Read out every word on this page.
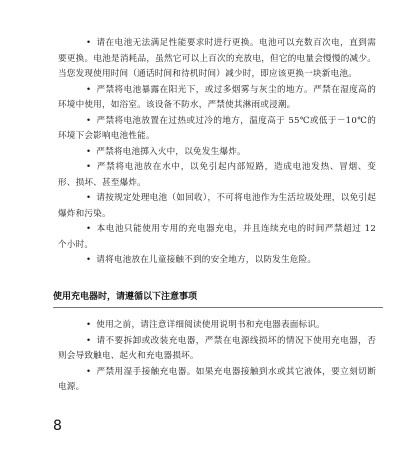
• 请在电池无法满足性能要求时进行更换。电池可以充数百次电，直到需要更换。电池是消耗品，虽然它可以上百次的充放电，但它的电量会慢慢的减少。当您发现使用时间（通话时间和待机时间）减少时，即应该更换一块新电池。

• 严禁将电池暴露在阳光下，或过多烟雾与灰尘的地方。严禁在湿度高的环境中使用，如浴室。该设备不防水，严禁使其淋雨或浸潮。

• 严禁将电池放置在过热或过冷的地方，温度高于 55℃或低于－10℃的环境下会影响电池性能。

• 严禁将电池掷入火中，以免发生爆炸。

• 严禁将电池放在水中，以免引起内部短路，造成电池发热、冒烟、变形、损坏、甚至爆炸。

• 请按规定处理电池（如回收），不可将电池作为生活垃圾处理，以免引起爆炸和污染。

• 本电池只能使用专用的充电器充电，并且连续充电的时间严禁超过 12 个小时。

• 请将电池放在儿童接触不到的安全地方，以防发生危险。

使用充电器时，请遵循以下注意事项

• 使用之前，请注意详细阅读使用说明书和充电器表面标识。

• 请不要拆卸或改装充电器，严禁在电源线损坏的情况下使用充电器，否则会导致触电、起火和充电器损坏。

• 严禁用湿手接触充电器。如果充电器接触到水或其它液体，要立刻切断电源。

8
